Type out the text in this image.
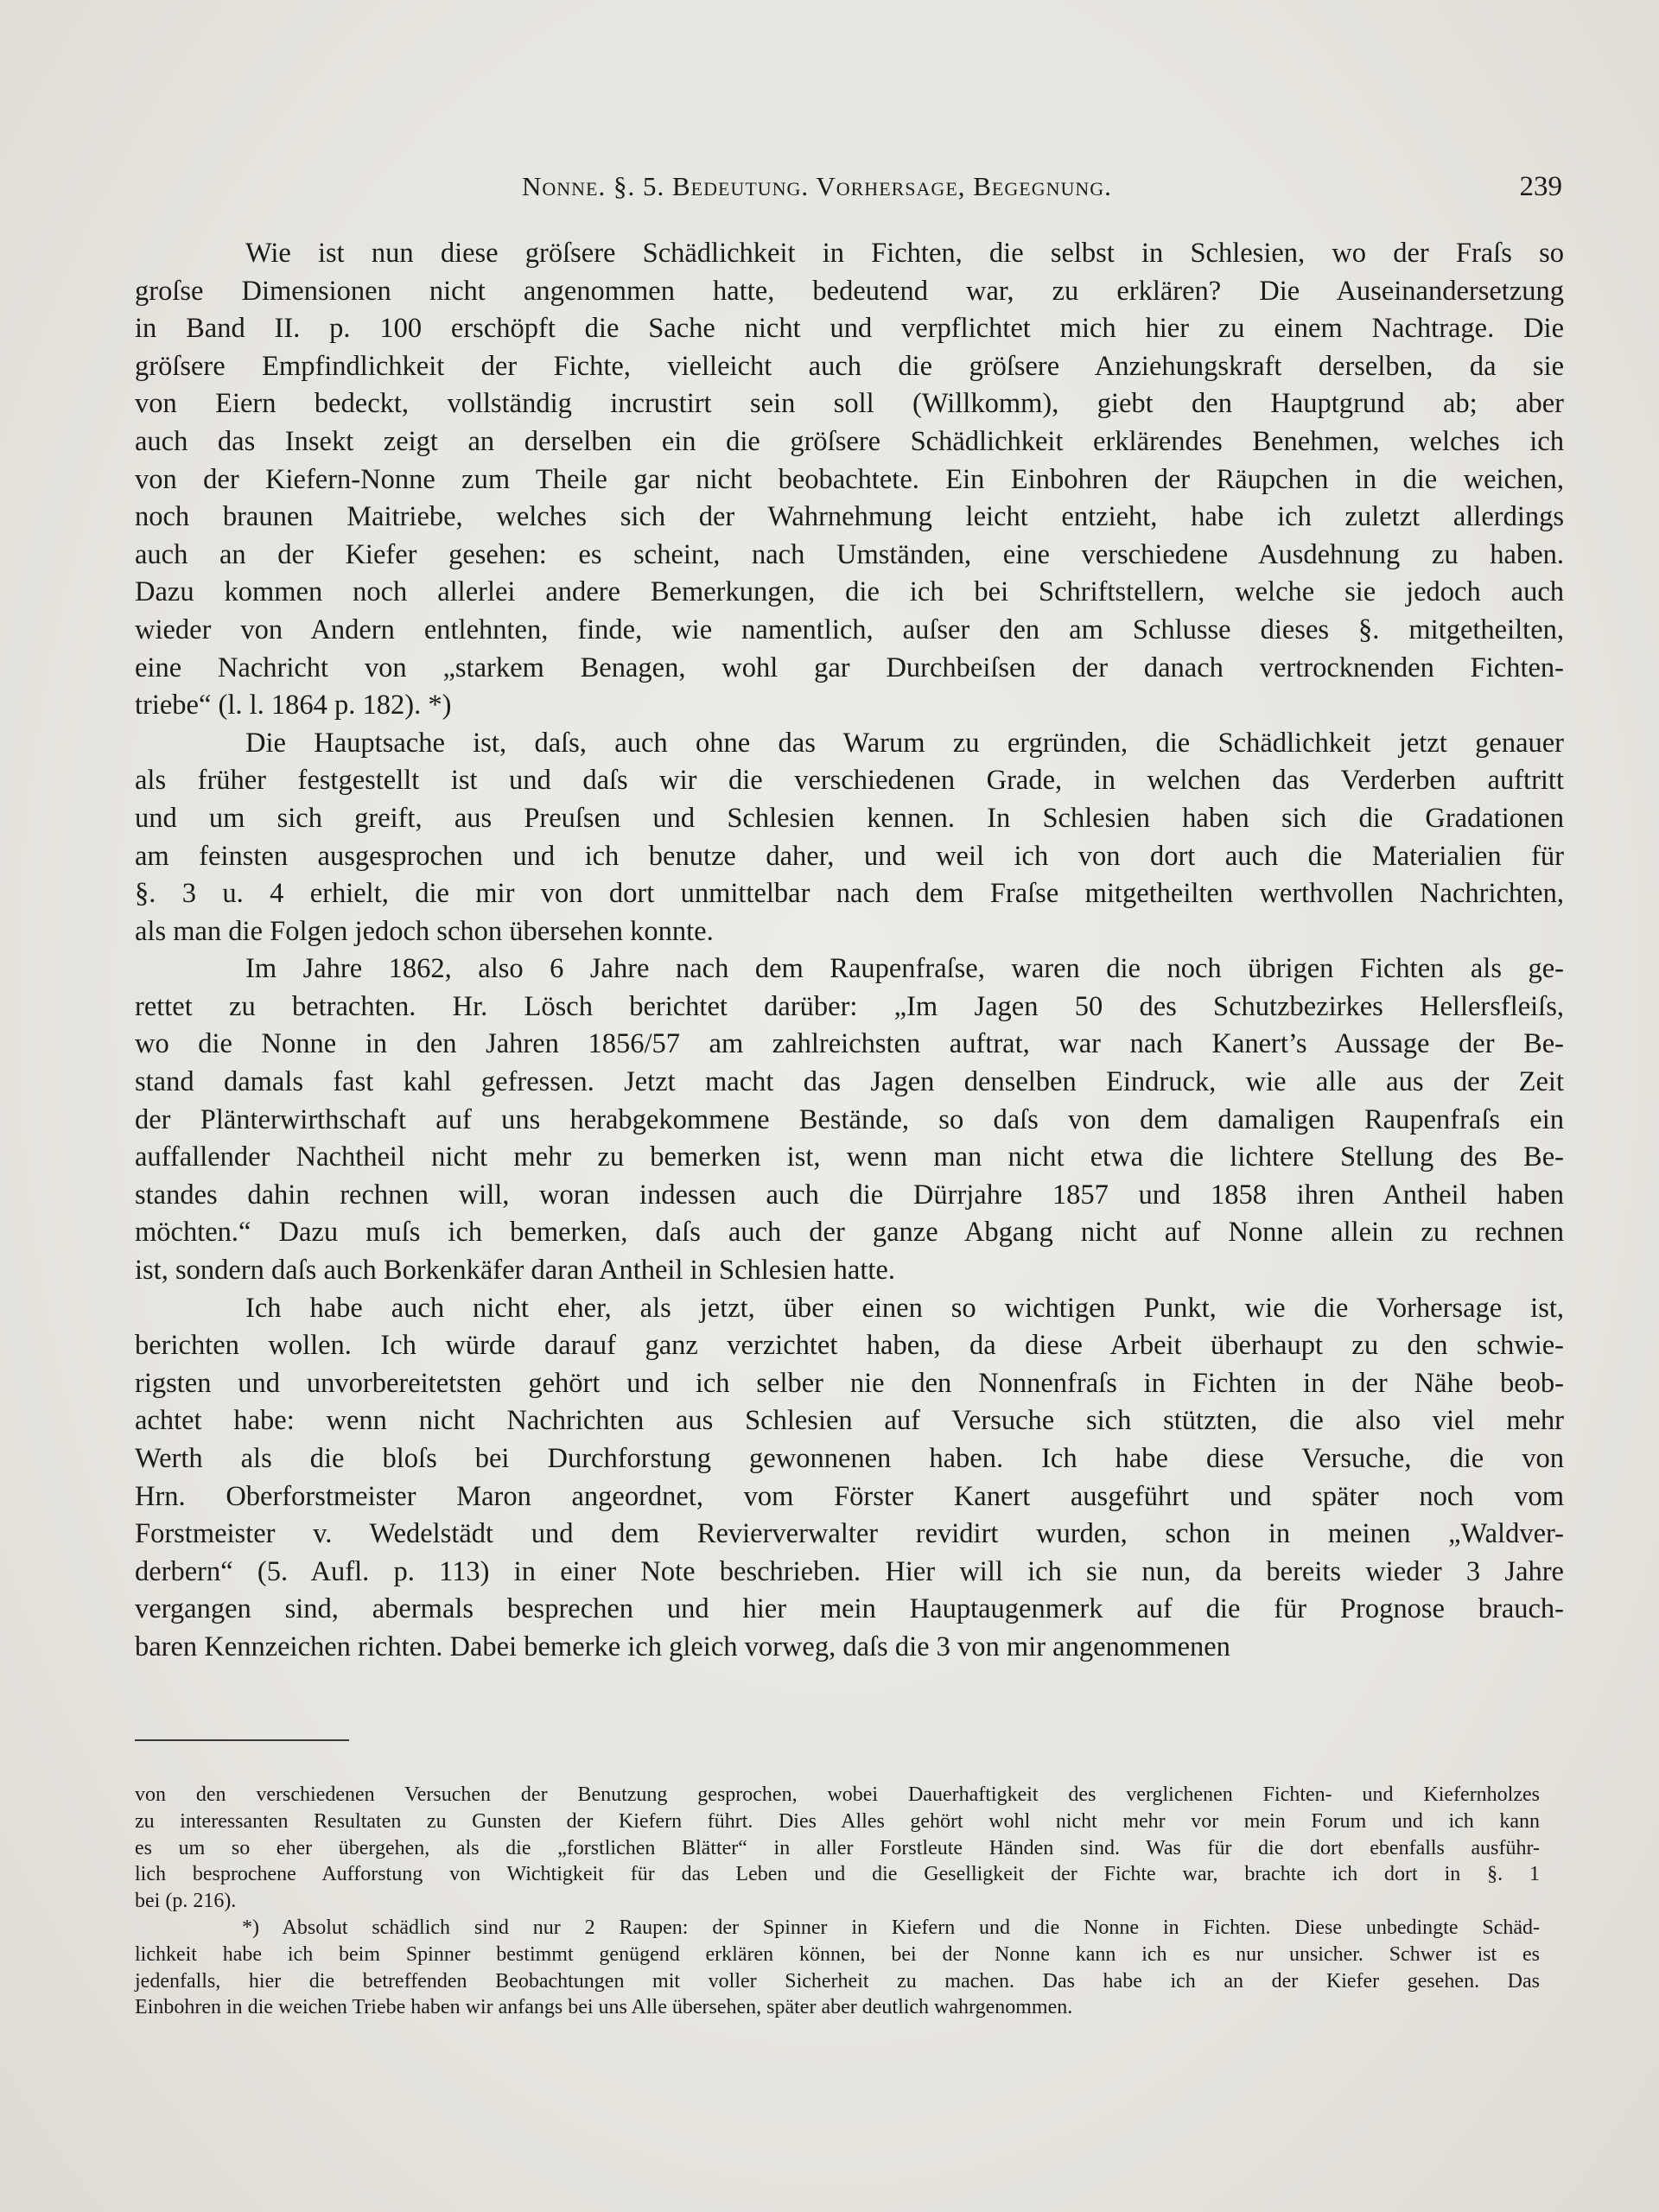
Nonne. §. 5. Bedeutung. Vorhersage, Begegnung.	239

Wie ist nun diese gröſsere Schädlichkeit in Fichten, die selbst in Schlesien, wo der Fraſs so
groſse Dimensionen nicht angenommen hatte, bedeutend war, zu erklären? Die Auseinandersetzung
in Band II. p. 100 erschöpft die Sache nicht und verpflichtet mich hier zu einem Nachtrage. Die
gröſsere Empfindlichkeit der Fichte, vielleicht auch die gröſsere Anziehungskraft derselben, da sie
von Eiern bedeckt, vollständig incrustirt sein soll (Willkomm), giebt den Hauptgrund ab; aber
auch das Insekt zeigt an derselben ein die gröſsere Schädlichkeit erklärendes Benehmen, welches ich
von der Kiefern-Nonne zum Theile gar nicht beobachtete. Ein Einbohren der Räupchen in die weichen,
noch braunen Maitriebe, welches sich der Wahrnehmung leicht entzieht, habe ich zuletzt allerdings
auch an der Kiefer gesehen: es scheint, nach Umständen, eine verschiedene Ausdehnung zu haben.
Dazu kommen noch allerlei andere Bemerkungen, die ich bei Schriftstellern, welche sie jedoch auch
wieder von Andern entlehnten, finde, wie namentlich, auſser den am Schlusse dieses §. mitgetheilten,
eine Nachricht von „starkem Benagen, wohl gar Durchbeiſsen der danach vertrocknenden Fichten-
triebe“ (l. l. 1864 p. 182). *)

Die Hauptsache ist, daſs, auch ohne das Warum zu ergründen, die Schädlichkeit jetzt genauer
als früher festgestellt ist und daſs wir die verschiedenen Grade, in welchen das Verderben auftritt
und um sich greift, aus Preuſsen und Schlesien kennen. In Schlesien haben sich die Gradationen
am feinsten ausgesprochen und ich benutze daher, und weil ich von dort auch die Materialien für
§. 3 u. 4 erhielt, die mir von dort unmittelbar nach dem Fraſse mitgetheilten werthvollen Nachrichten,
als man die Folgen jedoch schon übersehen konnte.

Im Jahre 1862, also 6 Jahre nach dem Raupenfraſse, waren die noch übrigen Fichten als ge-
rettet zu betrachten. Hr. Lösch berichtet darüber: „Im Jagen 50 des Schutzbezirkes Hellersfleiſs,
wo die Nonne in den Jahren 1856/57 am zahlreichsten auftrat, war nach Kanert’s Aussage der Be-
stand damals fast kahl gefressen. Jetzt macht das Jagen denselben Eindruck, wie alle aus der Zeit
der Plänterwirthschaft auf uns herabgekommene Bestände, so daſs von dem damaligen Raupenfraſs ein
auffallender Nachtheil nicht mehr zu bemerken ist, wenn man nicht etwa die lichtere Stellung des Be-
standes dahin rechnen will, woran indessen auch die Dürrjahre 1857 und 1858 ihren Antheil haben
möchten.“ Dazu muſs ich bemerken, daſs auch der ganze Abgang nicht auf Nonne allein zu rechnen
ist, sondern daſs auch Borkenkäfer daran Antheil in Schlesien hatte.

Ich habe auch nicht eher, als jetzt, über einen so wichtigen Punkt, wie die Vorhersage ist,
berichten wollen. Ich würde darauf ganz verzichtet haben, da diese Arbeit überhaupt zu den schwie-
rigsten und unvorbereitetsten gehört und ich selber nie den Nonnenfraſs in Fichten in der Nähe beob-
achtet habe: wenn nicht Nachrichten aus Schlesien auf Versuche sich stützten, die also viel mehr
Werth als die bloſs bei Durchforstung gewonnenen haben. Ich habe diese Versuche, die von
Hrn. Oberforstmeister Maron angeordnet, vom Förster Kanert ausgeführt und später noch vom
Forstmeister v. Wedelstädt und dem Revierverwalter revidirt wurden, schon in meinen „Waldver-
derbern“ (5. Aufl. p. 113) in einer Note beschrieben. Hier will ich sie nun, da bereits wieder 3 Jahre
vergangen sind, abermals besprechen und hier mein Hauptaugenmerk auf die für Prognose brauch-
baren Kennzeichen richten. Dabei bemerke ich gleich vorweg, daſs die 3 von mir angenommenen

von den verschiedenen Versuchen der Benutzung gesprochen, wobei Dauerhaftigkeit des verglichenen Fichten- und Kiefernholzes
zu interessanten Resultaten zu Gunsten der Kiefern führt. Dies Alles gehört wohl nicht mehr vor mein Forum und ich kann
es um so eher übergehen, als die „forstlichen Blätter“ in aller Forstleute Händen sind. Was für die dort ebenfalls ausführ-
lich besprochene Aufforstung von Wichtigkeit für das Leben und die Geselligkeit der Fichte war, brachte ich dort in §. 1
bei (p. 216).

*) Absolut schädlich sind nur 2 Raupen: der Spinner in Kiefern und die Nonne in Fichten. Diese unbedingte Schäd-
lichkeit habe ich beim Spinner bestimmt genügend erklären können, bei der Nonne kann ich es nur unsicher. Schwer ist es
jedenfalls, hier die betreffenden Beobachtungen mit voller Sicherheit zu machen. Das habe ich an der Kiefer gesehen. Das
Einbohren in die weichen Triebe haben wir anfangs bei uns Alle übersehen, später aber deutlich wahrgenommen.
